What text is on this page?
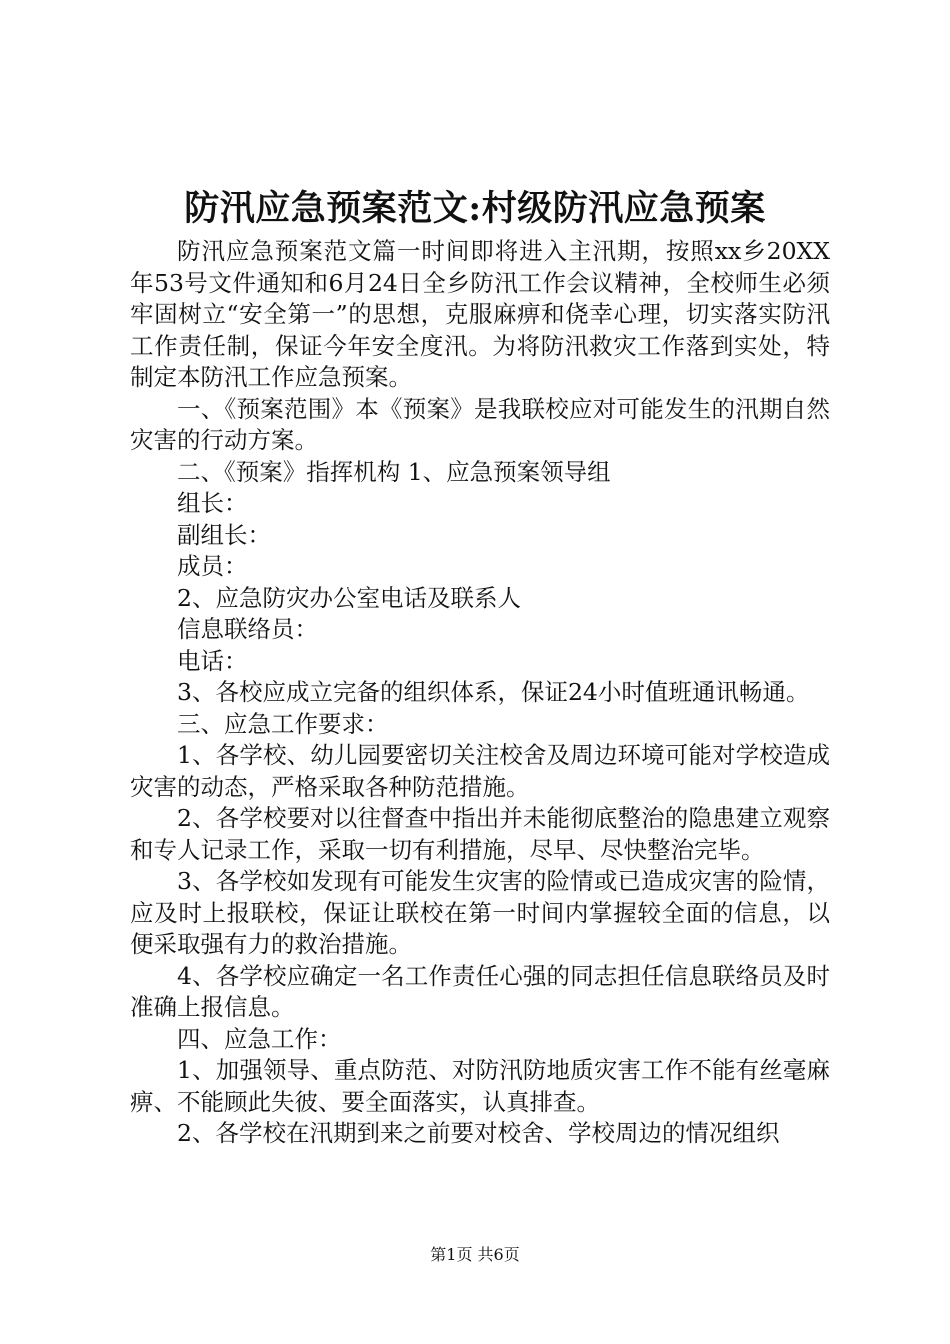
防汛应急预案范文:村级防汛应急预案

防汛应急预案范文篇一时间即将进入主汛期，按照xx乡20XX年53号文件通知和6月24日全乡防汛工作会议精神，全校师生必须牢固树立“安全第一”的思想，克服麻痹和侥幸心理，切实落实防汛工作责任制，保证今年安全度汛。为将防汛救灾工作落到实处，特制定本防汛工作应急预案。

一、《预案范围》本《预案》是我联校应对可能发生的汛期自然灾害的行动方案。

二、《预案》指挥机构 1、应急预案领导组

组长：

副组长：

成员：

2、应急防灾办公室电话及联系人

信息联络员：

电话：

3、各校应成立完备的组织体系，保证24小时值班通讯畅通。

三、应急工作要求：

1、各学校、幼儿园要密切关注校舍及周边环境可能对学校造成灾害的动态，严格采取各种防范措施。

2、各学校要对以往督查中指出并未能彻底整治的隐患建立观察和专人记录工作，采取一切有利措施，尽早、尽快整治完毕。

3、各学校如发现有可能发生灾害的险情或已造成灾害的险情，应及时上报联校，保证让联校在第一时间内掌握较全面的信息，以便采取强有力的救治措施。

4、各学校应确定一名工作责任心强的同志担任信息联络员及时准确上报信息。

四、应急工作：

1、加强领导、重点防范、对防汛防地质灾害工作不能有丝毫麻痹、不能顾此失彼、要全面落实，认真排查。

2、各学校在汛期到来之前要对校舍、学校周边的情况组织

第1页 共6页
